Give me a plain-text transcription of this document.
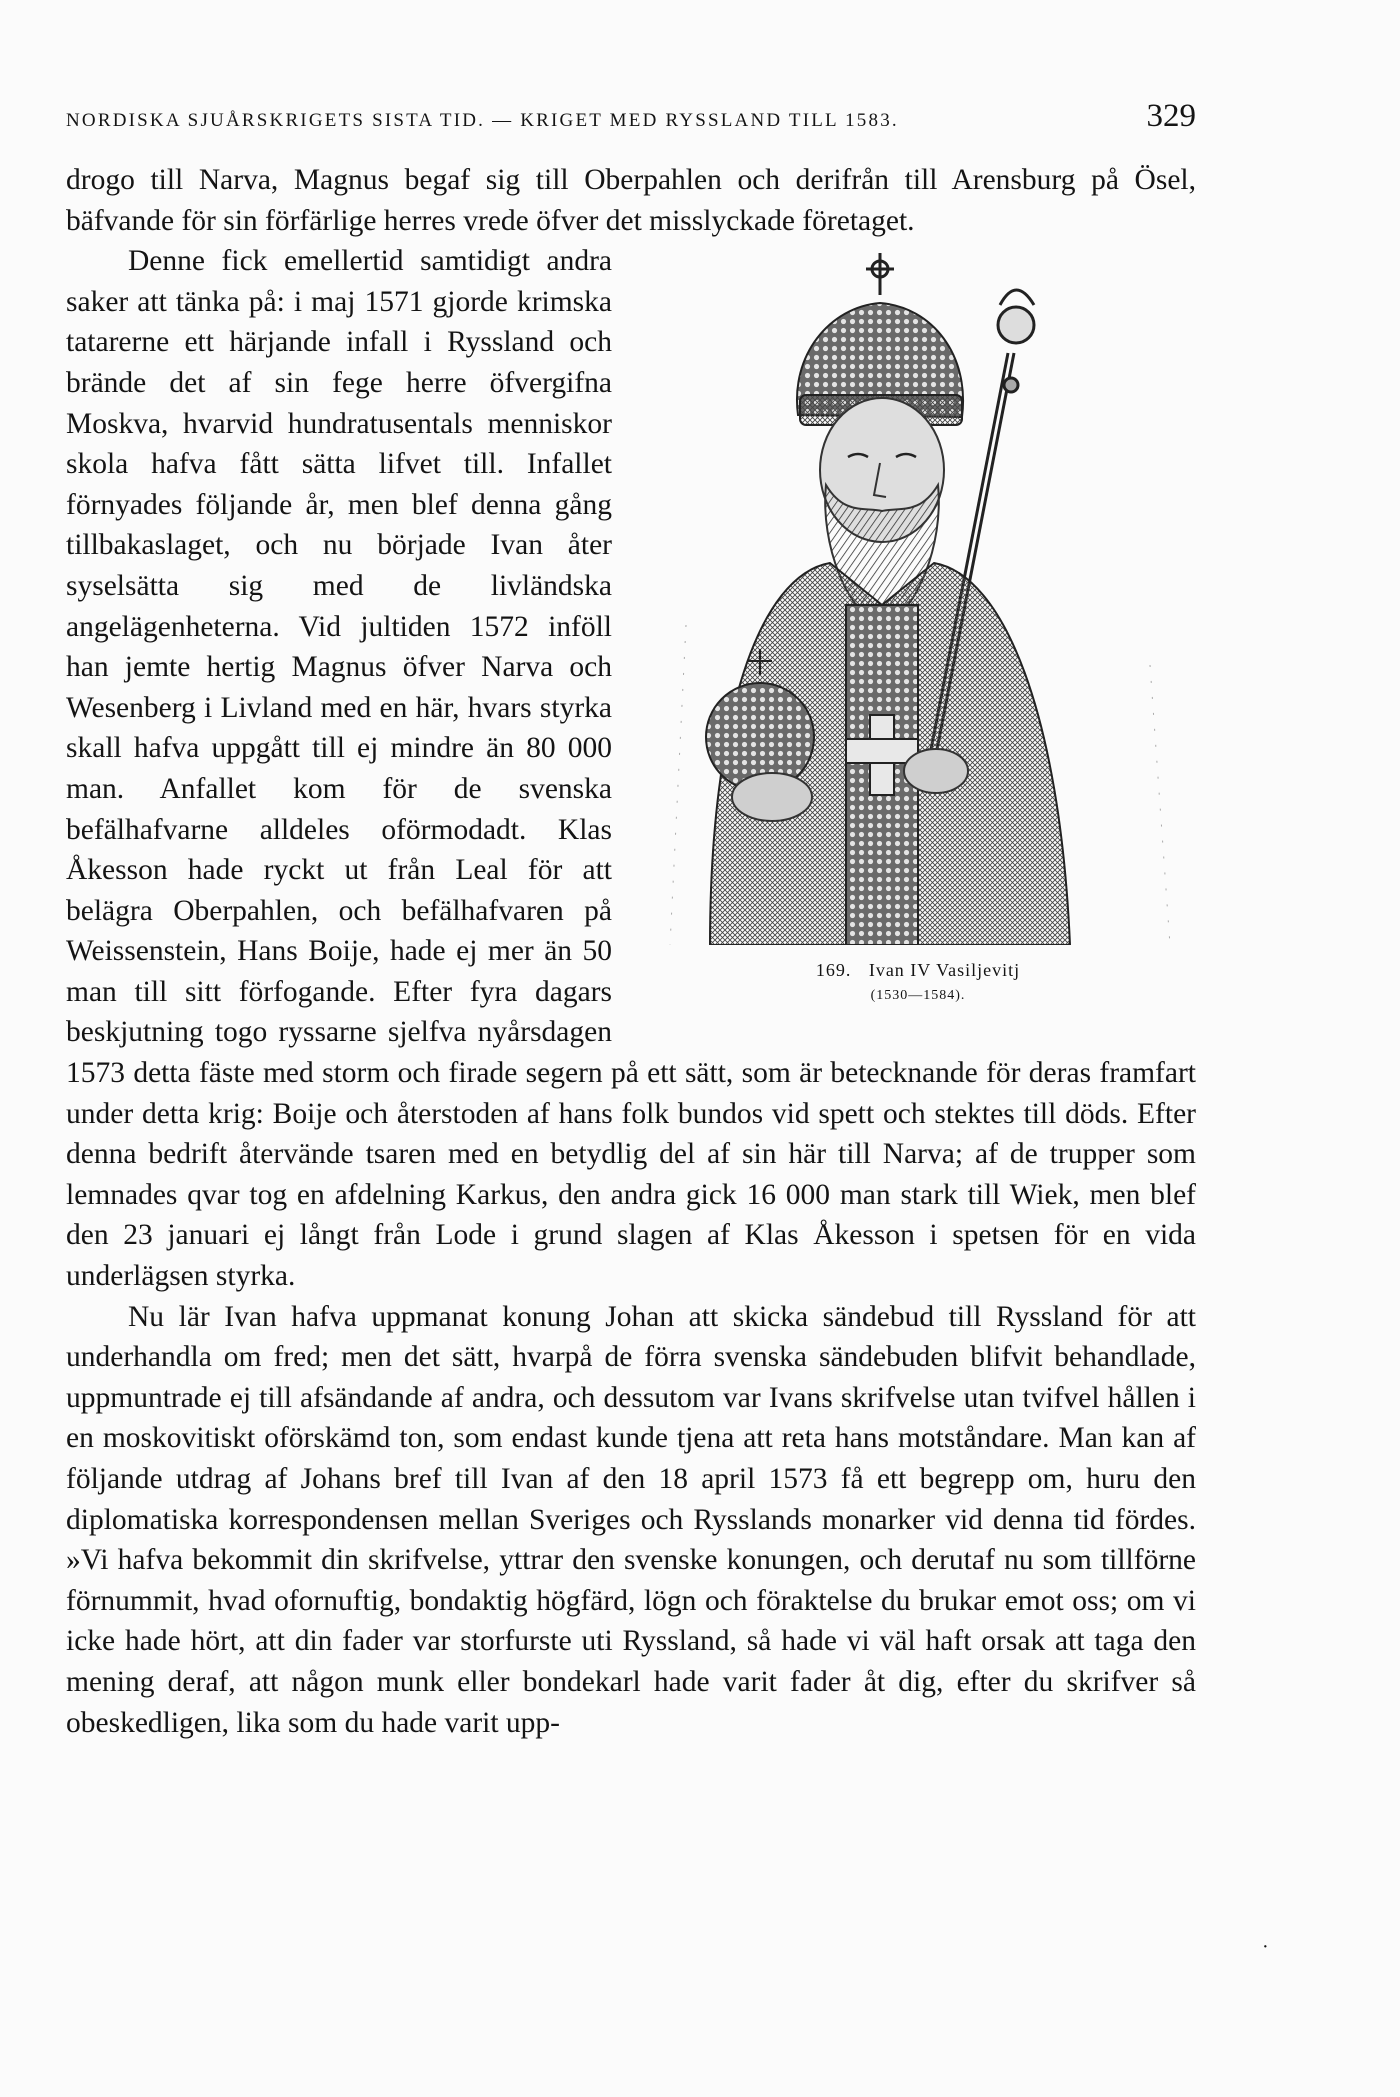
NORDISKA SJUÅRSKRIGETS SISTA TID. — KRIGET MED RYSSLAND TILL 1583.	329

drogo till Narva, Magnus begaf sig till Oberpahlen och derifrån till Arensburg på Ösel, bäfvande för sin förfärlige herres vrede öfver det misslyckade företaget.

169. Ivan IV Vasiljevitj
(1530—1584).

Denne fick emellertid samtidigt andra saker att tänka på: i maj 1571 gjorde krimska tatarerne ett härjande infall i Ryssland och brände det af sin fege herre öfvergifna Moskva, hvarvid hundratusentals menniskor skola hafva fått sätta lifvet till. Infallet förnyades följande år, men blef denna gång tillbakaslaget, och nu började Ivan åter syselsätta sig med de livländska angelägenheterna. Vid jultiden 1572 inföll han jemte hertig Magnus öfver Narva och Wesenberg i Livland med en här, hvars styrka skall hafva uppgått till ej mindre än 80 000 man. Anfallet kom för de svenska befälhafvarne alldeles oförmodadt. Klas Åkesson hade ryckt ut från Leal för att belägra Oberpahlen, och befälhafvaren på Weissenstein, Hans Boije, hade ej mer än 50 man till sitt förfogande. Efter fyra dagars beskjutning togo ryssarne sjelfva nyårsdagen 1573 detta fäste med storm och firade segern på ett sätt, som är betecknande för deras framfart under detta krig: Boije och återstoden af hans folk bundos vid spett och stektes till döds. Efter denna bedrift återvände tsaren med en betydlig del af sin här till Narva; af de trupper som lemnades qvar tog en afdelning Karkus, den andra gick 16 000 man stark till Wiek, men blef den 23 januari ej långt från Lode i grund slagen af Klas Åkesson i spetsen för en vida underlägsen styrka.

Nu lär Ivan hafva uppmanat konung Johan att skicka sändebud till Ryssland för att underhandla om fred; men det sätt, hvarpå de förra svenska sändebuden blifvit behandlade, uppmuntrade ej till afsändande af andra, och dessutom var Ivans skrifvelse utan tvifvel hållen i en moskovitiskt oförskämd ton, som endast kunde tjena att reta hans motståndare. Man kan af följande utdrag af Johans bref till Ivan af den 18 april 1573 få ett begrepp om, huru den diplomatiska korrespondensen mellan Sveriges och Rysslands monarker vid denna tid fördes. »Vi hafva bekommit din skrifvelse, yttrar den svenske konungen, och derutaf nu som tillförne förnummit, hvad ofornuftig, bondaktig högfärd, lögn och föraktelse du brukar emot oss; om vi icke hade hört, att din fader var storfurste uti Ryssland, så hade vi väl haft orsak att taga den mening deraf, att någon munk eller bondekarl hade varit fader åt dig, efter du skrifver så obeskedligen, lika som du hade varit upp-

·
